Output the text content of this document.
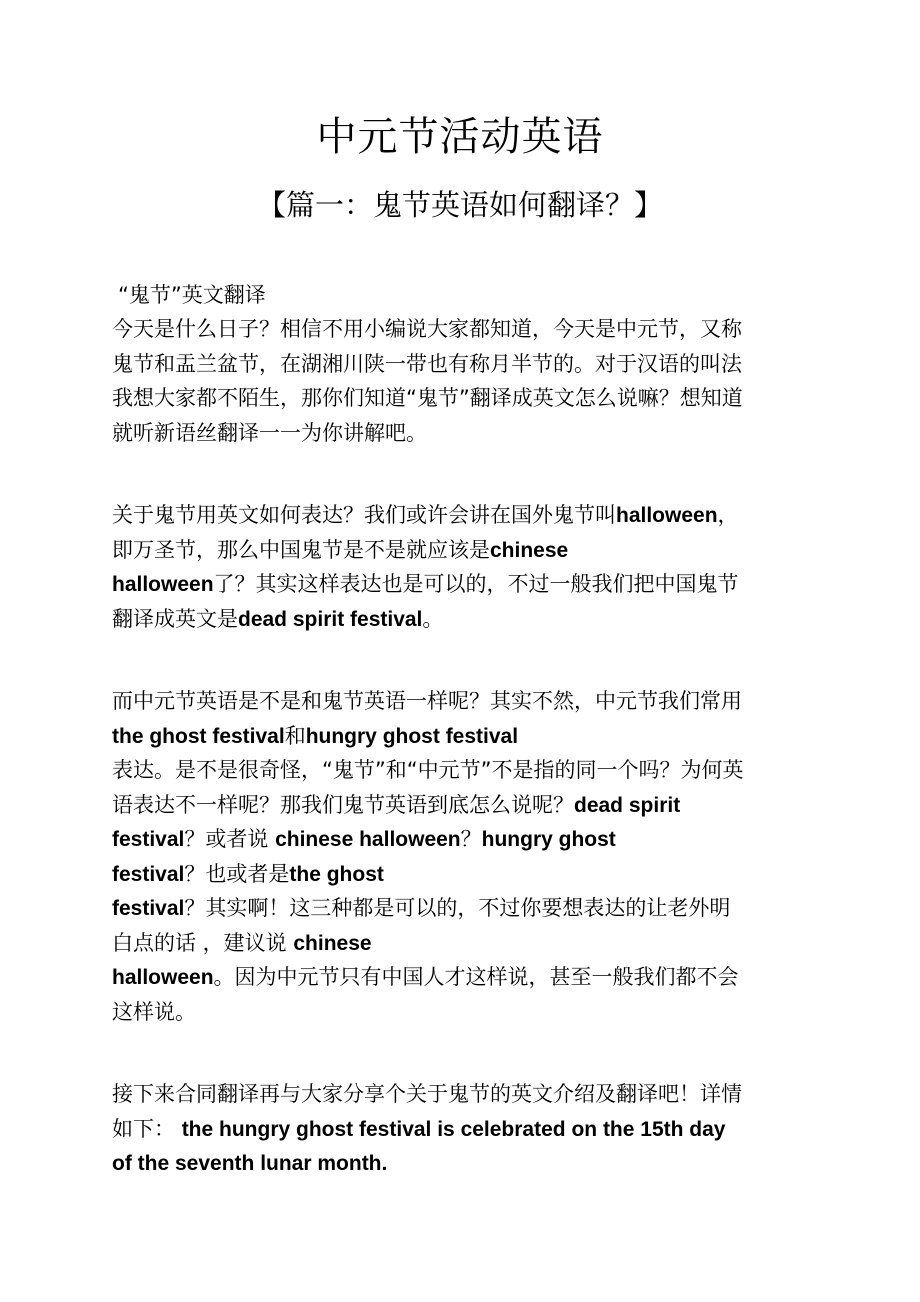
中元节活动英语
【篇一：鬼节英语如何翻译？】
“鬼节”英文翻译
今天是什么日子？相信不用小编说大家都知道，今天是中元节，又称
鬼节和盂兰盆节，在湖湘川陕一带也有称月半节的。对于汉语的叫法
我想大家都不陌生，那你们知道“鬼节”翻译成英文怎么说嘛？想知道
就听新语丝翻译一一为你讲解吧。
关于鬼节用英文如何表达？我们或许会讲在国外鬼节叫halloween，
即万圣节，那么中国鬼节是不是就应该是chinese
halloween了？其实这样表达也是可以的，不过一般我们把中国鬼节
翻译成英文是dead spirit festival。
而中元节英语是不是和鬼节英语一样呢？其实不然，中元节我们常用
the ghost festival和hungry ghost festival
表达。是不是很奇怪，“鬼节”和“中元节”不是指的同一个吗？为何英
语表达不一样呢？那我们鬼节英语到底怎么说呢？dead spirit
festival？或者说 chinese halloween？hungry ghost
festival？也或者是the ghost
festival？其实啊！这三种都是可以的，不过你要想表达的让老外明
白点的话 ，建议说 chinese
halloween。因为中元节只有中国人才这样说，甚至一般我们都不会
这样说。
接下来合同翻译再与大家分享个关于鬼节的英文介绍及翻译吧！详情
如下： the hungry ghost festival is celebrated on the 15th day
of the seventh lunar month.
